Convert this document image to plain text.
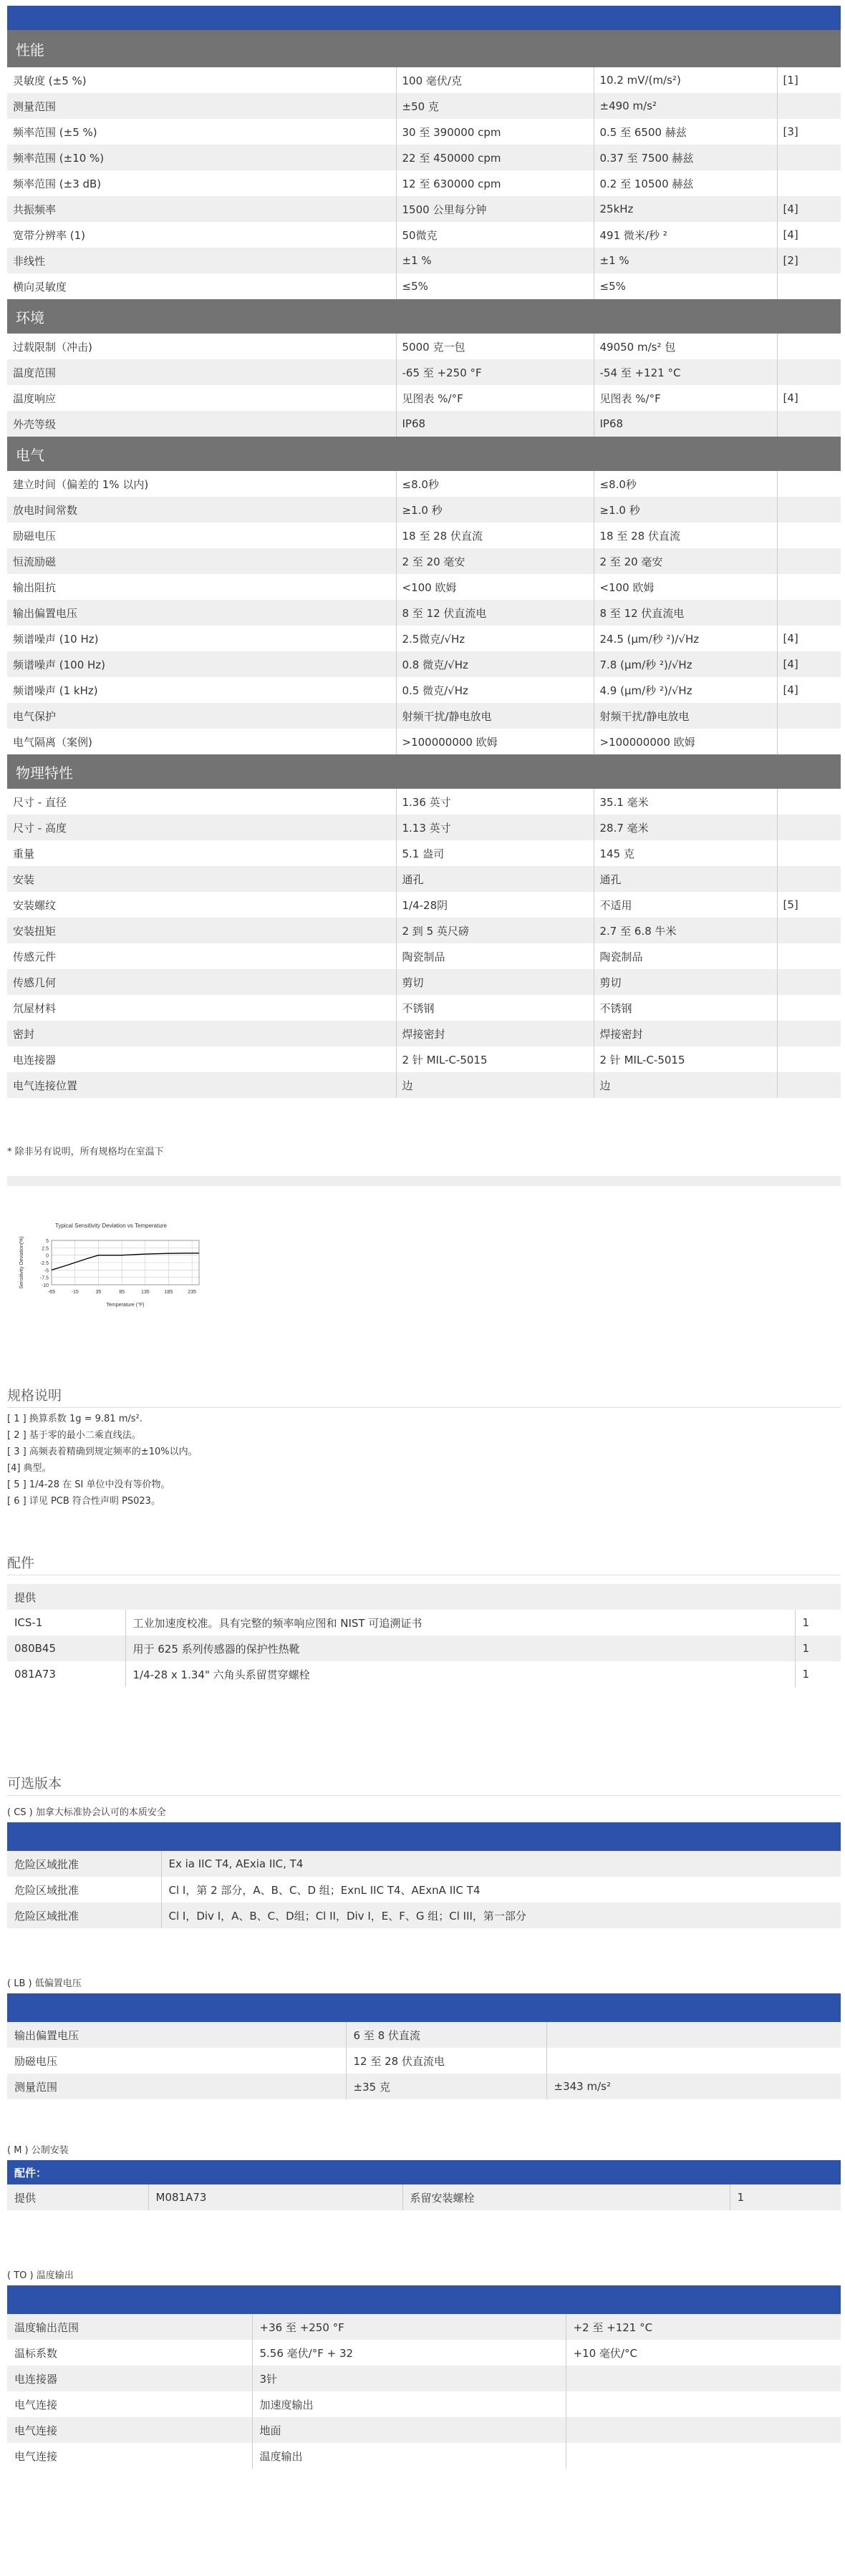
性能			
灵敏度 (±5 %)	100 毫伏/克	10.2 mV/(m/s²)	[1]
测量范围	±50 克	±490 m/s²	
频率范围 (±5 %)	30 至 390000 cpm	0.5 至 6500 赫兹	[3]
频率范围 (±10 %)	22 至 450000 cpm	0.37 至 7500 赫兹	
频率范围 (±3 dB)	12 至 630000 cpm	0.2 至 10500 赫兹	
共振频率	1500 公里每分钟	25kHz	[4]
宽带分辨率 (1)	50微克	491 微米/秒 ²	[4]
非线性	±1 %	±1 %	[2]
横向灵敏度	≤5%	≤5%	
环境			
过载限制（冲击)	5000 克一包	49050 m/s² 包	
温度范围	-65 至 +250 °F	-54 至 +121 °C	
温度响应	见图表 %/°F	见图表 %/°F	[4]
外壳等级	IP68	IP68	
电气			
建立时间（偏差的 1% 以内)	≤8.0秒	≤8.0秒	
放电时间常数	≥1.0 秒	≥1.0 秒	
励磁电压	18 至 28 伏直流	18 至 28 伏直流	
恒流励磁	2 至 20 毫安	2 至 20 毫安	
输出阻抗	<100 欧姆	<100 欧姆	
输出偏置电压	8 至 12 伏直流电	8 至 12 伏直流电	
频谱噪声 (10 Hz)	2.5微克/√Hz	24.5 (μm/秒 ²)/√Hz	[4]
频谱噪声 (100 Hz)	0.8 微克/√Hz	7.8 (μm/秒 ²)/√Hz	[4]
频谱噪声 (1 kHz)	0.5 微克/√Hz	4.9 (μm/秒 ²)/√Hz	[4]
电气保护	射频干扰/静电放电	射频干扰/静电放电	
电气隔离（案例)	>100000000 欧姆	>100000000 欧姆	
物理特性			
尺寸 - 直径	1.36 英寸	35.1 毫米	
尺寸 - 高度	1.13 英寸	28.7 毫米	
重量	5.1 盎司	145 克	
安装	通孔	通孔	
安装螺纹	1/4-28阴	不适用	[5]
安装扭矩	2 到 5 英尺磅	2.7 至 6.8 牛米	
传感元件	陶瓷制品	陶瓷制品	
传感几何	剪切	剪切	
氘屋材料	不锈钢	不锈钢	
密封	焊接密封	焊接密封	
电连接器	2 针 MIL-C-5015	2 针 MIL-C-5015	
电气连接位置	边	边	
* 除非另有说明，所有规格均在室温下
Typical Sensitivity Deviation vs Temperature
5
2.5
0
-2.5
-5
-7.5
-10
-65	-15	35	85	135	185	235
Temperature (°F)
Sensitivity Deviation(%)
规格说明
[ 1 ] 换算系数 1g = 9.81 m/s².
[ 2 ] 基于零的最小二乘直线法。
[ 3 ] 高频表着精确到规定频率的±10%以内。
[4] 典型。
[ 5 ] 1/4-28 在 SI 单位中没有等价物。
[ 6 ] 详见 PCB 符合性声明 PS023。
配件
提供		
ICS-1	工业加速度校准。具有完整的频率响应图和 NIST 可追溯证书	1
080B45	用于 625 系列传感器的保护性热靴	1
081A73	1/4-28 x 1.34" 六角头系留贯穿螺栓	1
可选版本
( CS ) 加拿大标准协会认可的本质安全

危险区域批准	Ex ia IIC T4, AExia IIC, T4
危险区域批准	Cl I，第 2 部分，A、B、C、D 组；ExnL IIC T4、AExnA IIC T4
危险区域批准	Cl I，Div I，A、B、C、D组；Cl II，Div I，E、F、G 组；Cl III，第一部分
( LB ) 低偏置电压

输出偏置电压	6 至 8 伏直流	
励磁电压	12 至 28 伏直流电	
测量范围	±35 克	±343 m/s²
( M ) 公制安装
配件：
提供	M081A73	系留安装螺栓	1
( TO ) 温度输出

温度输出范围	+36 至 +250 °F	+2 至 +121 °C
温标系数	5.56 毫伏/°F + 32	+10 毫伏/°C
电连接器	3针	
电气连接	加速度输出	
电气连接	地面	
电气连接	温度输出	
